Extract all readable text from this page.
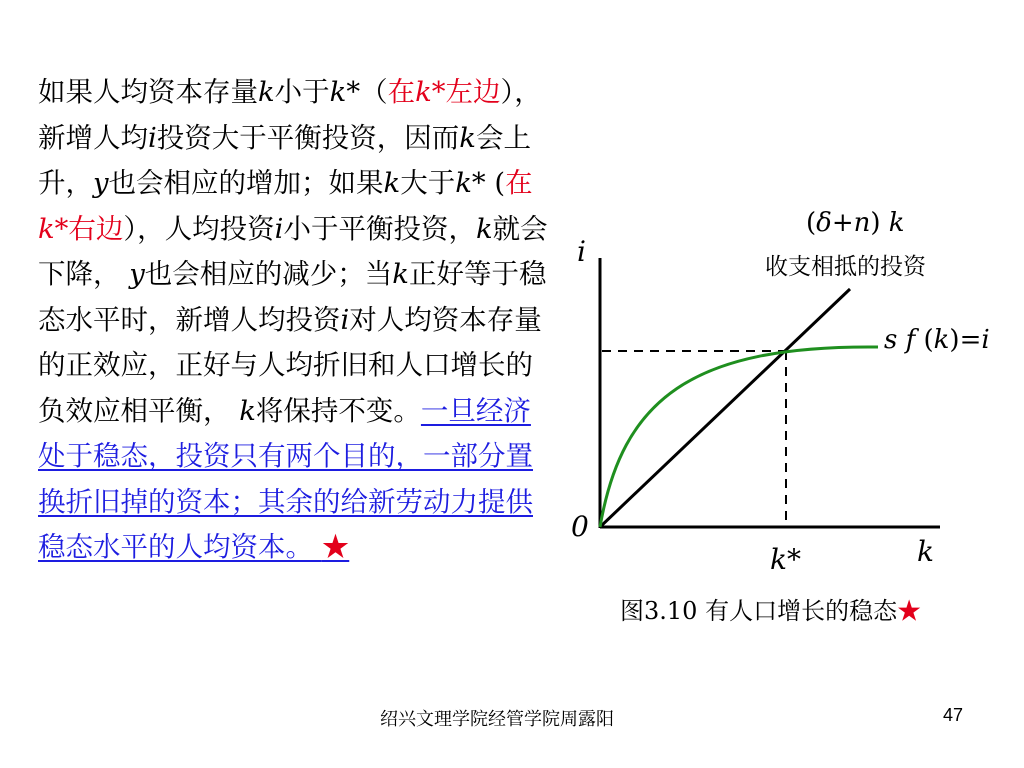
如果人均资本存量k小于k*（在k*左边），新增人均i投资大于平衡投资，因而k会上升，y也会相应的增加；如果k大于k* (在k*右边），人均投资i小于平衡投资，k就会下降， y也会相应的减少；当k正好等于稳态水平时，新增人均投资i对人均资本存量的正效应，正好与人均折旧和人口增长的负效应相平衡， k将保持不变。一旦经济处于稳态，投资只有两个目的，一部分置换折旧掉的资本；其余的给新劳动力提供稳态水平的人均资本。 ★
i
0
k
k*
(δ+n) k
收支相抵的投资
s f (k)=i
图3.10 有人口增长的稳态★
绍兴文理学院经管学院周露阳	47
